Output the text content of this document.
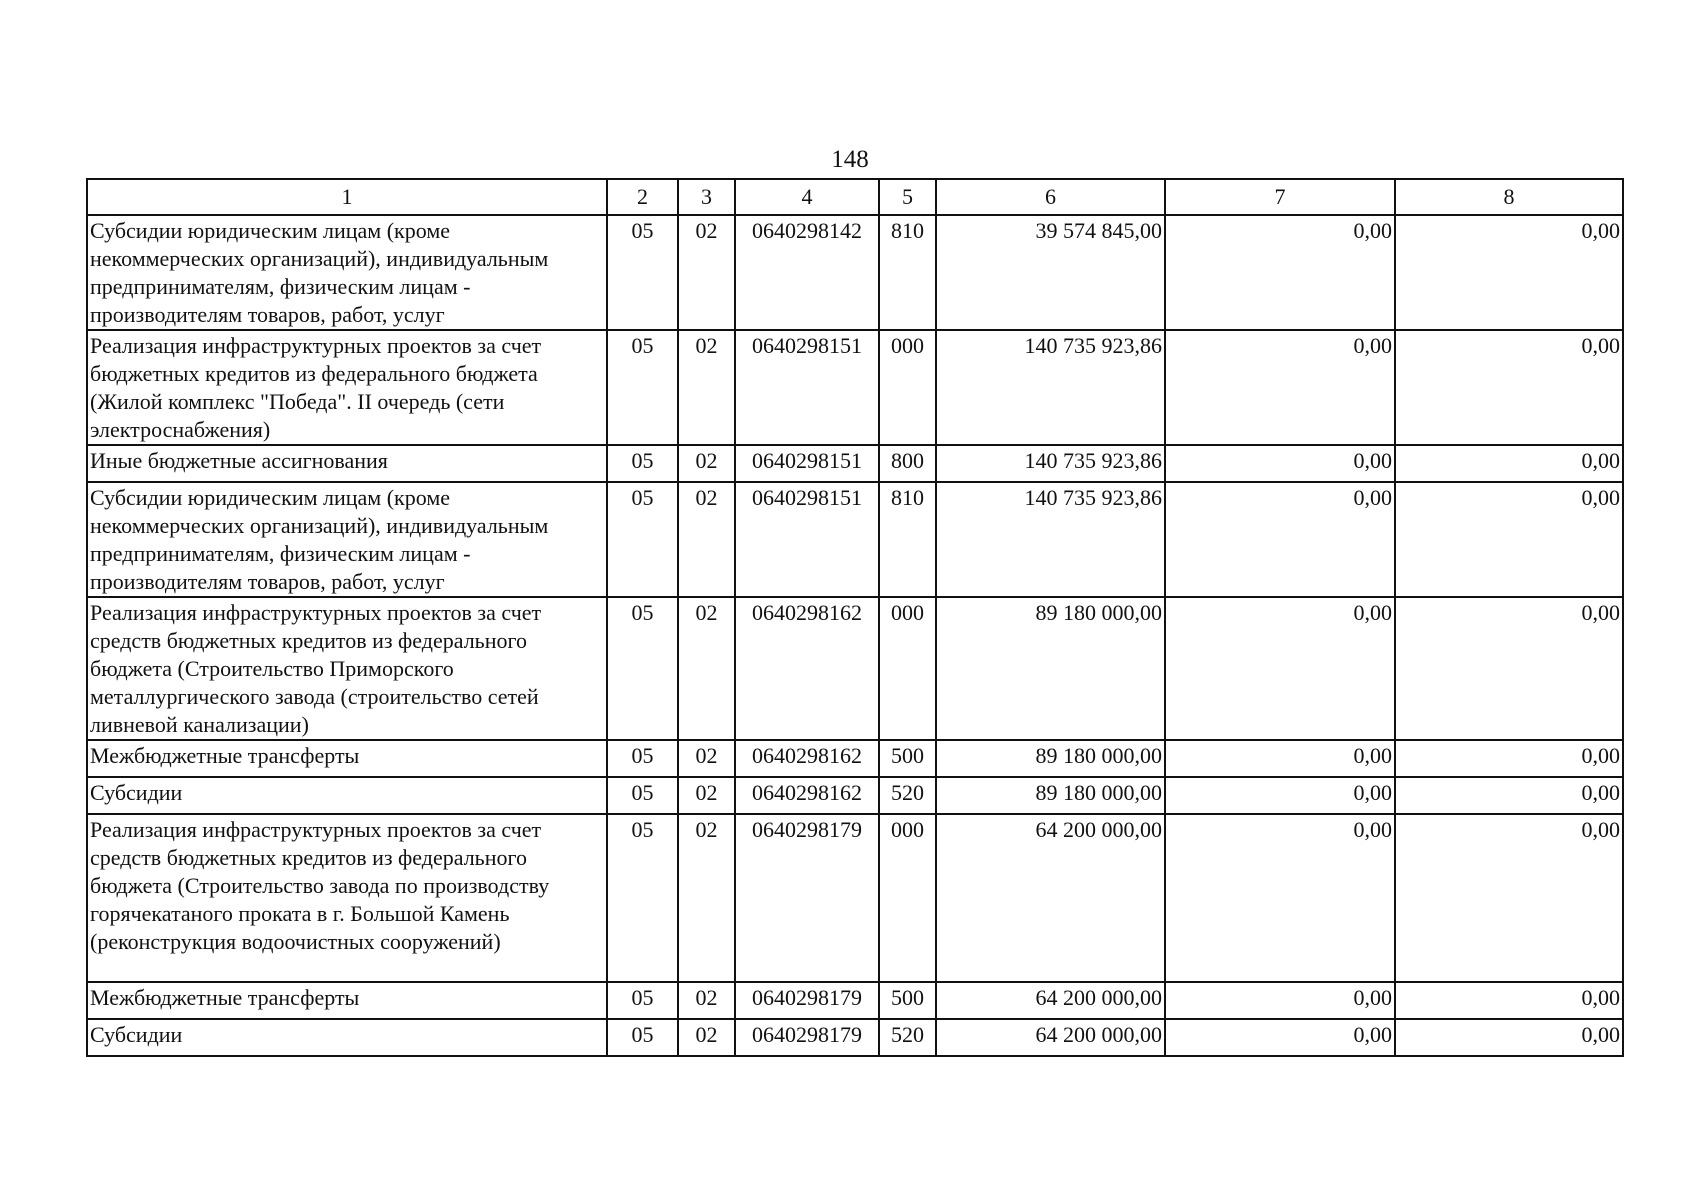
148
1	2	3	4	5	6	7	8
Субсидии юридическим лицам (кроме некоммерческих организаций), индивидуальным предпринимателям, физическим лицам - производителям товаров, работ, услуг	05	02	0640298142	810	39 574 845,00	0,00	0,00
Реализация инфраструктурных проектов за счет бюджетных кредитов из федерального бюджета (Жилой комплекс "Победа". II очередь (сети электроснабжения)	05	02	0640298151	000	140 735 923,86	0,00	0,00
Иные бюджетные ассигнования	05	02	0640298151	800	140 735 923,86	0,00	0,00
Субсидии юридическим лицам (кроме некоммерческих организаций), индивидуальным предпринимателям, физическим лицам - производителям товаров, работ, услуг	05	02	0640298151	810	140 735 923,86	0,00	0,00
Реализация инфраструктурных проектов за счет средств бюджетных кредитов из федерального бюджета (Строительство Приморского металлургического завода (строительство сетей ливневой канализации)	05	02	0640298162	000	89 180 000,00	0,00	0,00
Межбюджетные трансферты	05	02	0640298162	500	89 180 000,00	0,00	0,00
Субсидии	05	02	0640298162	520	89 180 000,00	0,00	0,00
Реализация инфраструктурных проектов за счет средств бюджетных кредитов из федерального бюджета (Строительство завода по производству горячекатаного проката в г. Большой Камень (реконструкция водоочистных сооружений)	05	02	0640298179	000	64 200 000,00	0,00	0,00
Межбюджетные трансферты	05	02	0640298179	500	64 200 000,00	0,00	0,00
Субсидии	05	02	0640298179	520	64 200 000,00	0,00	0,00
